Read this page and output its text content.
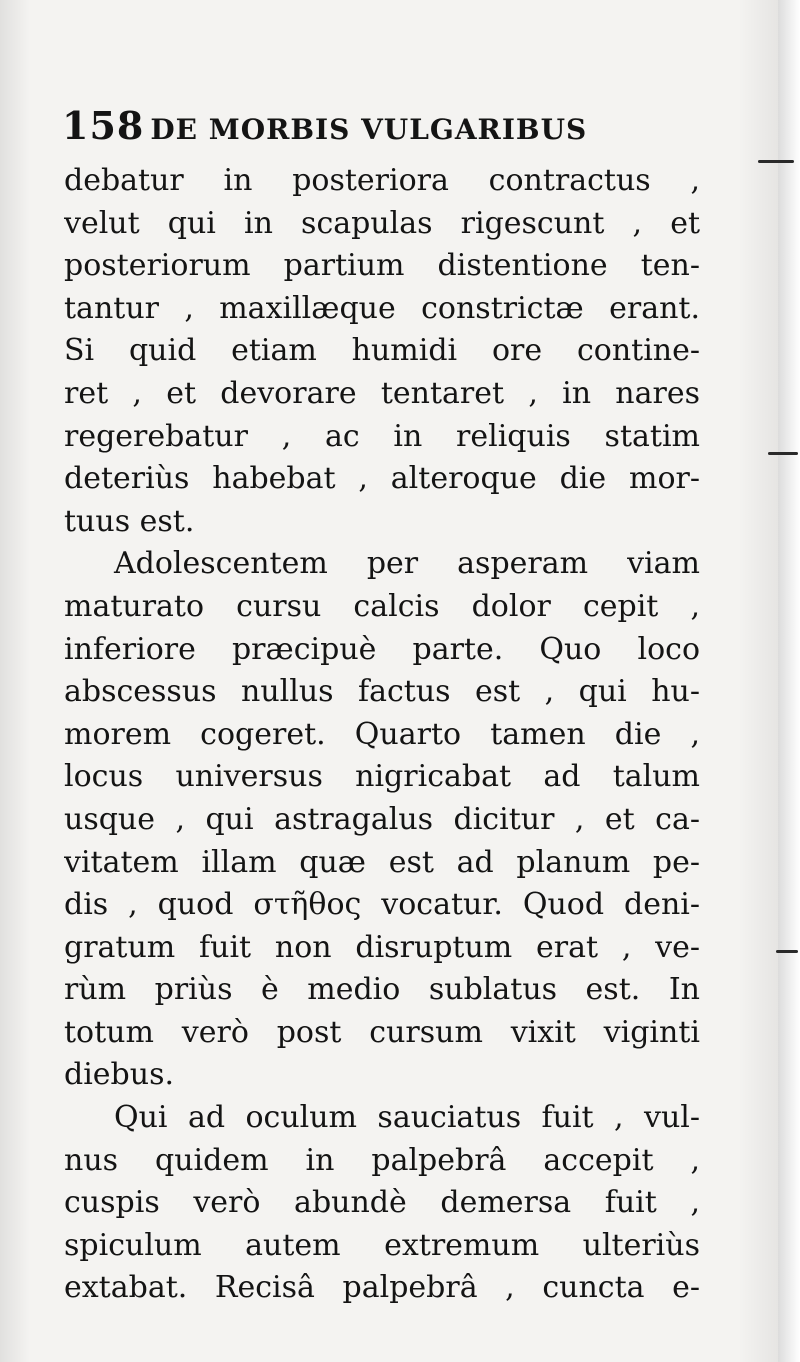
158 DE MORBIS VULGARIBUS
debatur in posteriora contractus ,
velut qui in scapulas rigescunt , et
posteriorum partium distentione ten-
tantur , maxillæque constrictæ erant.
Si quid etiam humidi ore contine-
ret , et devorare tentaret , in nares
regerebatur , ac in reliquis statim
deteriùs habebat , alteroque die mor-
tuus est.
Adolescentem per asperam viam
maturato cursu calcis dolor cepit ,
inferiore præcipuè parte. Quo loco
abscessus nullus factus est , qui hu-
morem cogeret. Quarto tamen die ,
locus universus nigricabat ad talum
usque , qui astragalus dicitur , et ca-
vitatem illam quæ est ad planum pe-
dis , quod στῆθος vocatur. Quod deni-
gratum fuit non disruptum erat , ve-
rùm priùs è medio sublatus est. In
totum verò post cursum vixit viginti
diebus.
Qui ad oculum sauciatus fuit , vul-
nus quidem in palpebrâ accepit ,
cuspis verò abundè demersa fuit ,
spiculum autem extremum ulteriùs
extabat. Recisâ palpebrâ , cuncta e-
